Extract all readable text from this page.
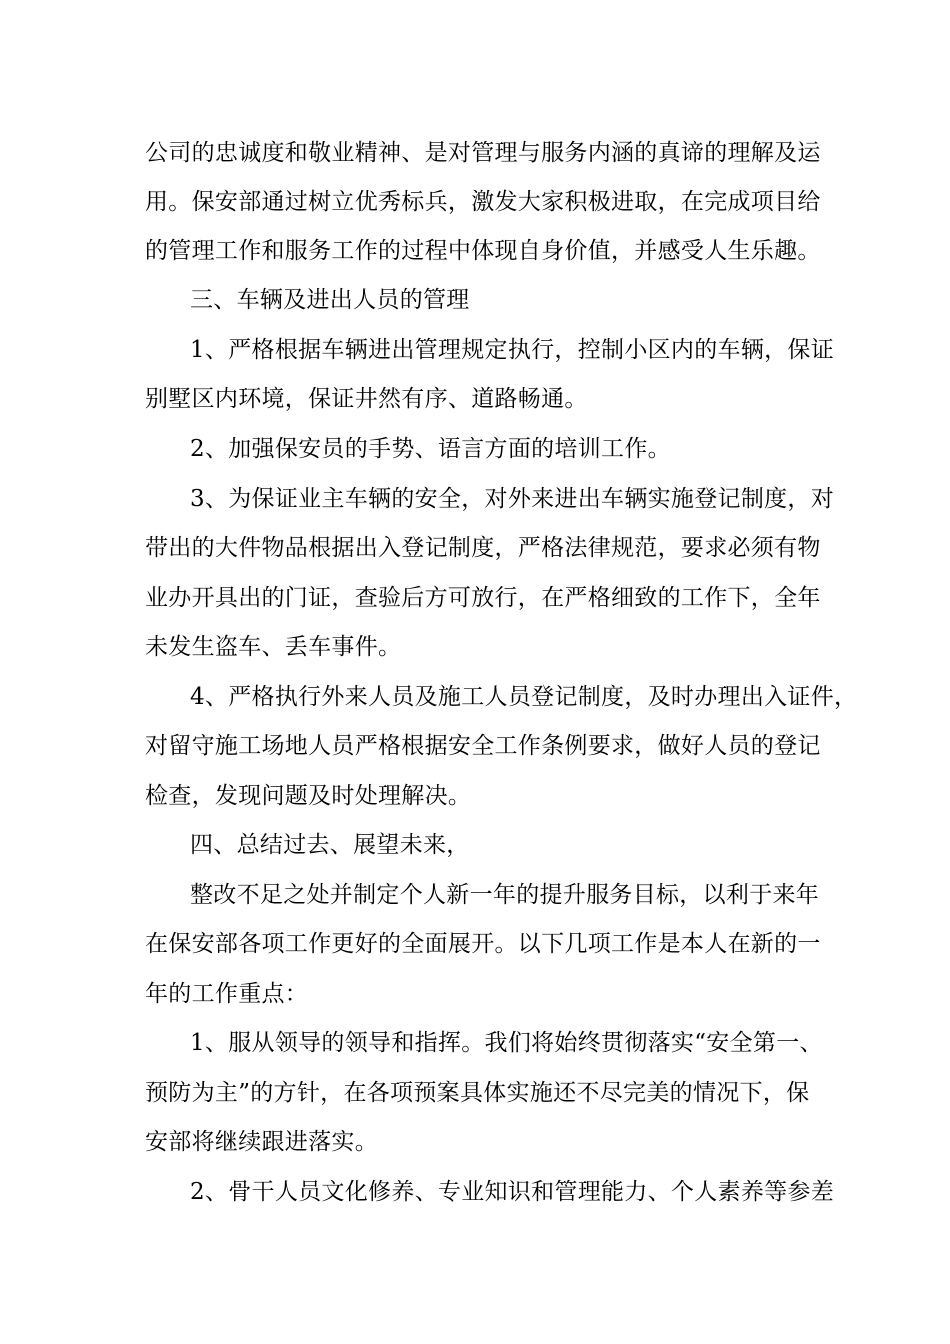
公司的忠诚度和敬业精神、是对管理与服务内涵的真谛的理解及运
用。保安部通过树立优秀标兵，激发大家积极进取，在完成项目给
的管理工作和服务工作的过程中体现自身价值，并感受人生乐趣。
三、车辆及进出人员的管理
1、严格根据车辆进出管理规定执行，控制小区内的车辆，保证
别墅区内环境，保证井然有序、道路畅通。
2、加强保安员的手势、语言方面的培训工作。
3、为保证业主车辆的安全，对外来进出车辆实施登记制度，对
带出的大件物品根据出入登记制度，严格法律规范，要求必须有物
业办开具出的门证，查验后方可放行，在严格细致的工作下，全年
未发生盗车、丢车事件。
4、严格执行外来人员及施工人员登记制度，及时办理出入证件，
对留守施工场地人员严格根据安全工作条例要求，做好人员的登记
检查，发现问题及时处理解决。
四、总结过去、展望未来，
整改不足之处并制定个人新一年的提升服务目标，以利于来年
在保安部各项工作更好的全面展开。以下几项工作是本人在新的一
年的工作重点：
1、服从领导的领导和指挥。我们将始终贯彻落实“安全第一、
预防为主”的方针，在各项预案具体实施还不尽完美的情况下，保
安部将继续跟进落实。
2、骨干人员文化修养、专业知识和管理能力、个人素养等参差
